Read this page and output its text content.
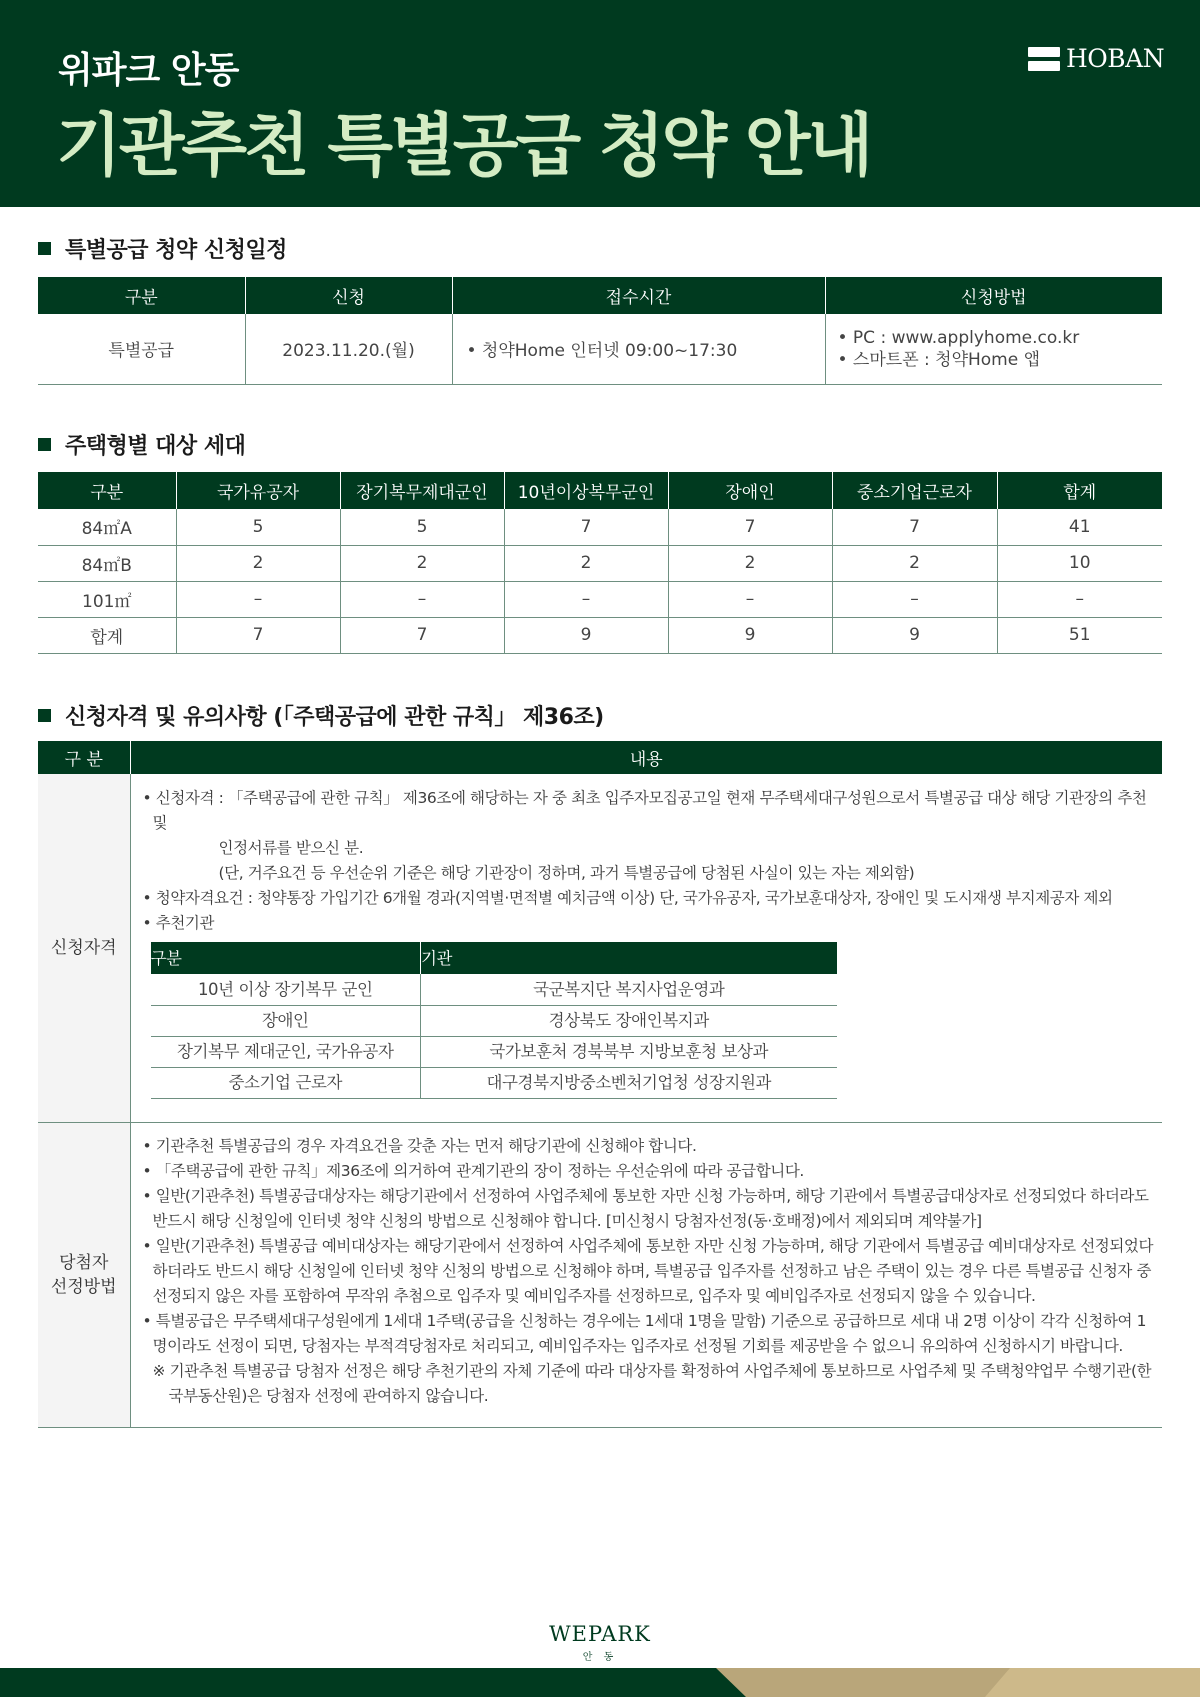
위파크 안동
기관추천 특별공급 청약 안내
HOBAN
특별공급 청약 신청일정
구분	신청	접수시간	신청방법
특별공급	2023.11.20.(월)	• 청약Home 인터넷 09:00~17:30	• PC : www.applyhome.co.kr
• 스마트폰 : 청약Home 앱
주택형별 대상 세대
구분	국가유공자	장기복무제대군인	10년이상복무군인	장애인	중소기업근로자	합계
84㎡A	5	5	7	7	7	41
84㎡B	2	2	2	2	2	10
101㎡	–	–	–	–	–	–
합계	7	7	9	9	9	51
신청자격 및 유의사항 (「주택공급에 관한 규칙」 제36조)
구 분	내용
신청자격	
• 신청자격 : 「주택공급에 관한 규칙」 제36조에 해당하는 자 중 최초 입주자모집공고일 현재 무주택세대구성원으로서 특별공급 대상 해당 기관장의 추천 및
인정서류를 받으신 분.
(단, 거주요건 등 우선순위 기준은 해당 기관장이 정하며, 과거 특별공급에 당첨된 사실이 있는 자는 제외함)
• 청약자격요건 : 청약통장 가입기간 6개월 경과(지역별·면적별 예치금액 이상) 단, 국가유공자, 국가보훈대상자, 장애인 및 도시재생 부지제공자 제외
• 추천기관
구분	기관
10년 이상 장기복무 군인	국군복지단 복지사업운영과
장애인	경상북도 장애인복지과
장기복무 제대군인, 국가유공자	국가보훈처 경북북부 지방보훈청 보상과
중소기업 근로자	대구경북지방중소벤처기업청 성장지원과

당첨자
선정방법

• 기관추천 특별공급의 경우 자격요건을 갖춘 자는 먼저 해당기관에 신청해야 합니다.
• 「주택공급에 관한 규칙」제36조에 의거하여 관계기관의 장이 정하는 우선순위에 따라 공급합니다.
• 일반(기관추천) 특별공급대상자는 해당기관에서 선정하여 사업주체에 통보한 자만 신청 가능하며, 해당 기관에서 특별공급대상자로 선정되었다 하더라도 반드시 해당 신청일에 인터넷 청약 신청의 방법으로 신청해야 합니다. [미신청시 당첨자선정(동·호배정)에서 제외되며 계약불가]
• 일반(기관추천) 특별공급 예비대상자는 해당기관에서 선정하여 사업주체에 통보한 자만 신청 가능하며, 해당 기관에서 특별공급 예비대상자로 선정되었다 하더라도 반드시 해당 신청일에 인터넷 청약 신청의 방법으로 신청해야 하며, 특별공급 입주자를 선정하고 남은 주택이 있는 경우 다른 특별공급 신청자 중 선정되지 않은 자를 포함하여 무작위 추첨으로 입주자 및 예비입주자를 선정하므로, 입주자 및 예비입주자로 선정되지 않을 수 있습니다.
• 특별공급은 무주택세대구성원에게 1세대 1주택(공급을 신청하는 경우에는 1세대 1명을 말함) 기준으로 공급하므로 세대 내 2명 이상이 각각 신청하여 1명이라도 선정이 되면, 당첨자는 부적격당첨자로 처리되고, 예비입주자는 입주자로 선정될 기회를 제공받을 수 없으니 유의하여 신청하시기 바랍니다.
※ 기관추천 특별공급 당첨자 선정은 해당 추천기관의 자체 기준에 따라 대상자를 확정하여 사업주체에 통보하므로 사업주체 및 주택청약업무 수행기관(한국부동산원)은 당첨자 선정에 관여하지 않습니다.
WEPARK
안 동
